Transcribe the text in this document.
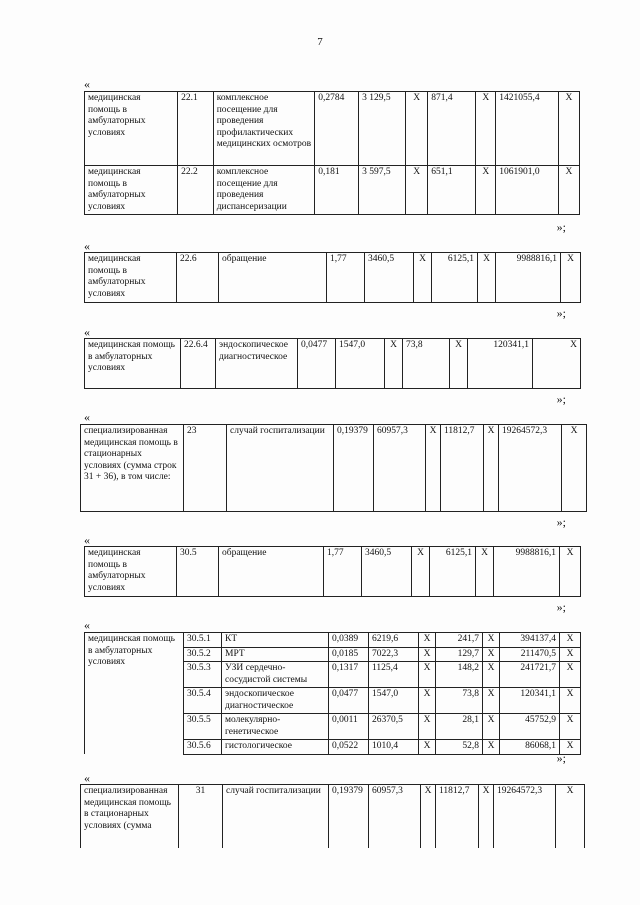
7
«
медицинская помощь в амбулаторных условиях	22.1	комплексное посещение для проведения профилактических медицинских осмотров	0,2784	3 129,5	X	871,4	X	1421055,4	X
медицинская помощь в амбулаторных условиях	22.2	комплексное посещение для проведения диспансеризации	0,181	3 597,5	X	651,1	X	1061901,0	X
»;
«
медицинская помощь в амбулаторных условиях	22.6	обращение	1,77	3460,5	X	6125,1	X	9988816,1	X
»;
«
медицинская помощь в амбулаторных условиях	22.6.4	эндоскопическое диагностическое	0,0477	1547,0	X	73,8	X	120341,1	X
»;
«
специализированная медицинская помощь в стационарных условиях (сумма строк 31 + 36), в том числе:	23	случай госпитализации	0,19379	60957,3	X	11812,7	X	19264572,3	X
»;
«
медицинская помощь в амбулаторных условиях	30.5	обращение	1,77	3460,5	X	6125,1	X	9988816,1	X
»;
«
медицинская помощь в амбулаторных условиях	30.5.1	КТ	0,0389	6219,6	X	241,7	X	394137,4	X
	30.5.2	МРТ	0,0185	7022,3	X	129,7	X	211470,5	X
	30.5.3	УЗИ сердечно-сосудистой системы	0,1317	1125,4	X	148,2	X	241721,7	X
	30.5.4	эндоскопическое диагностическое	0,0477	1547,0	X	73,8	X	120341,1	X
	30.5.5	молекулярно-генетическое	0,0011	26370,5	X	28,1	X	45752,9	X
	30.5.6	гистологическое	0,0522	1010,4	X	52,8	X	86068,1	X
»;
«
специализированная медицинская помощь в стационарных условиях (сумма	31	случай госпитализации	0,19379	60957,3	X	11812,7	X	19264572,3	X
